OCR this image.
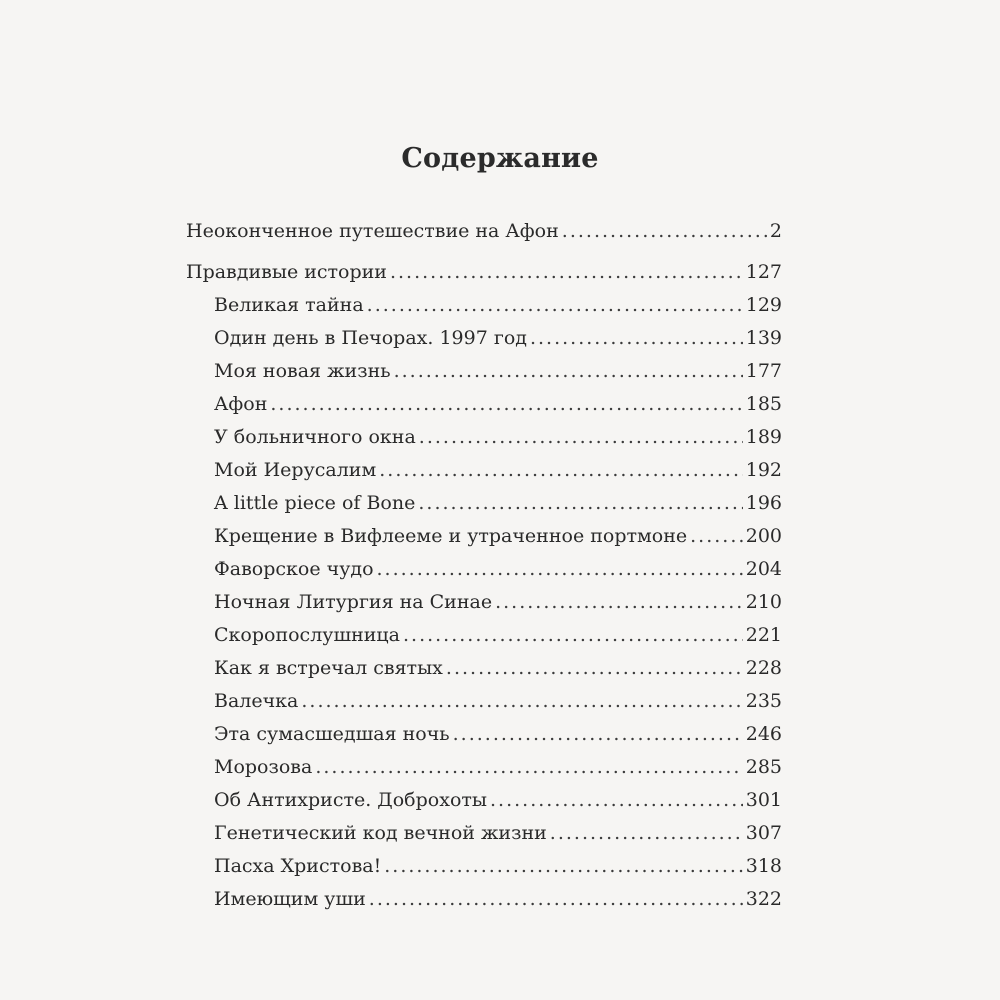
Содержание
Неоконченное путешествие на Афон .....	2
Правдивые истории .....	127
Великая тайна .....	129
Один день в Печорах. 1997 год .....	139
Моя новая жизнь .....	177
Афон .....	185
У больничного окна .....	189
Мой Иерусалим .....	192
A little piece of Bone .....	196
Крещение в Вифлееме и утраченное портмоне .....	200
Фаворское чудо .....	204
Ночная Литургия на Синае .....	210
Скоропослушница .....	221
Как я встречал святых .....	228
Валечка .....	235
Эта сумасшедшая ночь .....	246
Морозова .....	285
Об Антихристе. Доброхоты .....	301
Генетический код вечной жизни .....	307
Пасха Христова! .....	318
Имеющим уши .....	322
